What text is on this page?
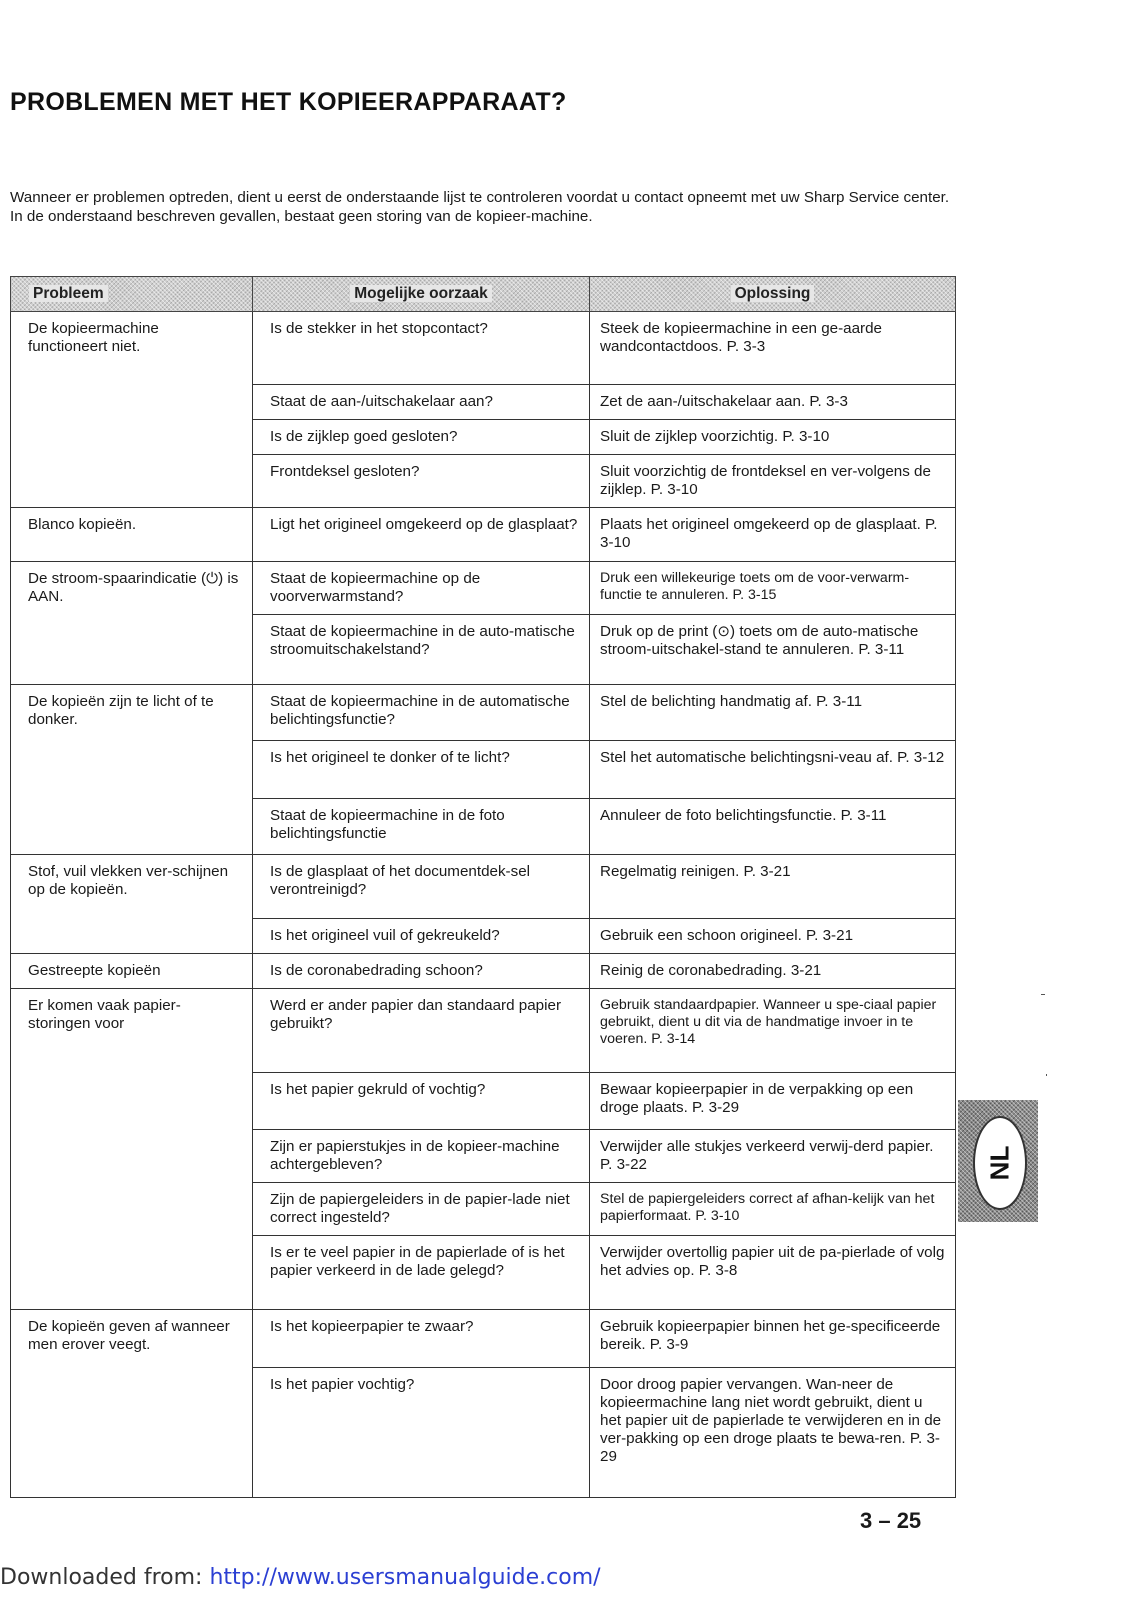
PROBLEMEN MET HET KOPIEERAPPARAAT?

Wanneer er problemen optreden, dient u eerst de onderstaande lijst te controleren voordat u contact opneemt met uw Sharp Service center. In de onderstaand beschreven gevallen, bestaat geen storing van de kopieer-machine.

Probleem	Mogelijke oorzaak	Oplossing
De kopieermachine functioneert niet.	Is de stekker in het stopcontact?	Steek de kopieermachine in een ge-aarde wandcontactdoos. P. 3-3
	Staat de aan-/uitschakelaar aan?	Zet de aan-/uitschakelaar aan. P. 3-3
	Is de zijklep goed gesloten?	Sluit de zijklep voorzichtig. P. 3-10
	Frontdeksel gesloten?	Sluit voorzichtig de frontdeksel en ver-volgens de zijklep. P. 3-10
Blanco kopieën.	Ligt het origineel omgekeerd op de glasplaat?	Plaats het origineel omgekeerd op de glasplaat. P. 3-10
De stroom-spaarindicatie (⏻) is AAN.	Staat de kopieermachine op de voorverwarmstand?	Druk een willekeurige toets om de voor-verwarm-functie te annuleren. P. 3-15
	Staat de kopieermachine in de auto-matische stroomuitschakelstand?	Druk op de print (⊙) toets om de auto-matische stroom-uitschakel-stand te annuleren. P. 3-11
De kopieën zijn te licht of te donker.	Staat de kopieermachine in de automatische belichtingsfunctie?	Stel de belichting handmatig af. P. 3-11
	Is het origineel te donker of te licht?	Stel het automatische belichtingsni-veau af. P. 3-12
	Staat de kopieermachine in de foto belichtingsfunctie	Annuleer de foto belichtingsfunctie. P. 3-11
Stof, vuil vlekken ver-schijnen op de kopieën.	Is de glasplaat of het documentdek-sel verontreinigd?	Regelmatig reinigen. P. 3-21
	Is het origineel vuil of gekreukeld?	Gebruik een schoon origineel. P. 3-21
Gestreepte kopieën	Is de coronabedrading schoon?	Reinig de coronabedrading. 3-21
Er komen vaak papier-storingen voor	Werd er ander papier dan standaard papier gebruikt?	Gebruik standaardpapier. Wanneer u spe-ciaal papier gebruikt, dient u dit via de handmatige invoer in te voeren. P. 3-14
	Is het papier gekruld of vochtig?	Bewaar kopieerpapier in de verpakking op een droge plaats. P. 3-29
	Zijn er papierstukjes in de kopieer-machine achtergebleven?	Verwijder alle stukjes verkeerd verwij-derd papier. P. 3-22
	Zijn de papiergeleiders in de papier-lade niet correct ingesteld?	Stel de papiergeleiders correct af afhan-kelijk van het papierformaat. P. 3-10
	Is er te veel papier in de papierlade of is het papier verkeerd in de lade gelegd?	Verwijder overtollig papier uit de pa-pierlade of volg het advies op. P. 3-8
De kopieën geven af wanneer men erover veegt.	Is het kopieerpapier te zwaar?	Gebruik kopieerpapier binnen het ge-specificeerde bereik. P. 3-9
	Is het papier vochtig?	Door droog papier vervangen. Wan-neer de kopieermachine lang niet wordt gebruikt, dient u het papier uit de papierlade te verwijderen en in de ver-pakking op een droge plaats te bewa-ren. P. 3-29

NL

3 – 25

Downloaded from: http://www.usersmanualguide.com/
